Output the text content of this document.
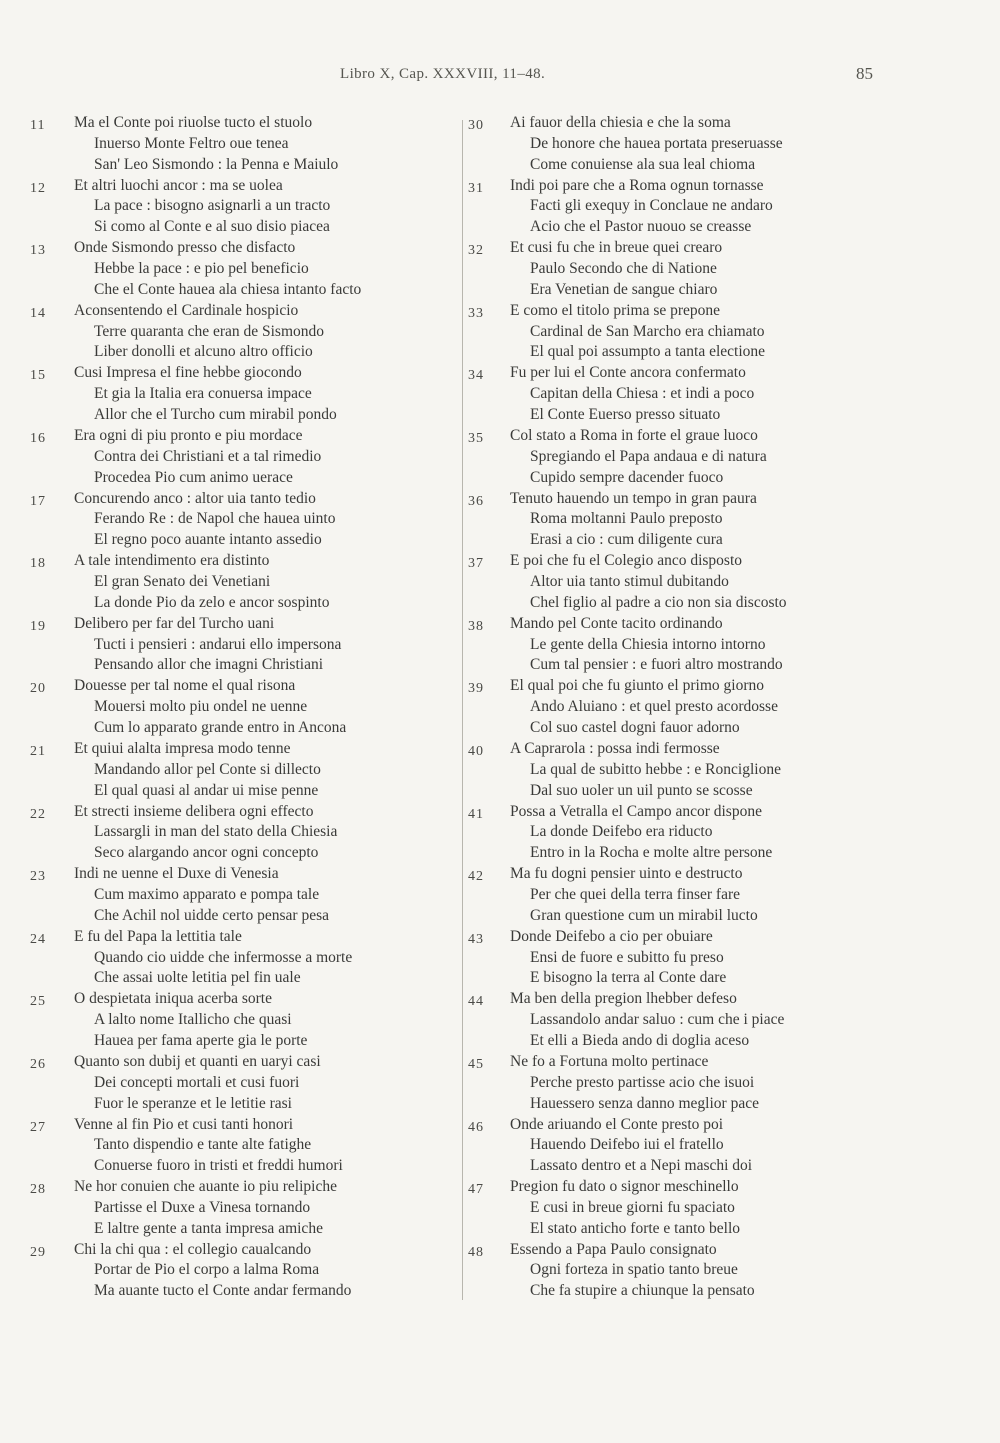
Libro X, Cap. XXXVIII, 11–48.	85
11	Ma el Conte poi riuolse tucto el stuolo
Inuerso Monte Feltro oue tenea
San' Leo Sismondo : la Penna e Maiulo
12	Et altri luochi ancor : ma se uolea
La pace : bisogno asignarli a un tracto
Si como al Conte e al suo disio piacea
13	Onde Sismondo presso che disfacto
Hebbe la pace : e pio pel beneficio
Che el Conte hauea ala chiesa intanto facto
14	Aconsentendo el Cardinale hospicio
Terre quaranta che eran de Sismondo
Liber donolli et alcuno altro officio
15	Cusi Impresa el fine hebbe giocondo
Et gia la Italia era conuersa impace
Allor che el Turcho cum mirabil pondo
16	Era ogni di piu pronto e piu mordace
Contra dei Christiani et a tal rimedio
Procedea Pio cum animo uerace
17	Concurendo anco : altor uia tanto tedio
Ferando Re : de Napol che hauea uinto
El regno poco auante intanto assedio
18	A tale intendimento era distinto
El gran Senato dei Venetiani
La donde Pio da zelo e ancor sospinto
19	Delibero per far del Turcho uani
Tucti i pensieri : andarui ello impersona
Pensando allor che imagni Christiani
20	Douesse per tal nome el qual risona
Mouersi molto piu ondel ne uenne
Cum lo apparato grande entro in Ancona
21	Et quiui alalta impresa modo tenne
Mandando allor pel Conte si dillecto
El qual quasi al andar ui mise penne
22	Et strecti insieme delibera ogni effecto
Lassargli in man del stato della Chiesia
Seco alargando ancor ogni concepto
23	Indi ne uenne el Duxe di Venesia
Cum maximo apparato e pompa tale
Che Achil nol uidde certo pensar pesa
24	E fu del Papa la lettitia tale
Quando cio uidde che infermosse a morte
Che assai uolte letitia pel fin uale
25	O despietata iniqua acerba sorte
A lalto nome Itallicho che quasi
Hauea per fama aperte gia le porte
26	Quanto son dubij et quanti en uaryi casi
Dei concepti mortali et cusi fuori
Fuor le speranze et le letitie rasi
27	Venne al fin Pio et cusi tanti honori
Tanto dispendio e tante alte fatighe
Conuerse fuoro in tristi et freddi humori
28	Ne hor conuien che auante io piu relipiche
Partisse el Duxe a Vinesa tornando
E laltre gente a tanta impresa amiche
29	Chi la chi qua : el collegio caualcando
Portar de Pio el corpo a lalma Roma
Ma auante tucto el Conte andar fermando
30	Ai fauor della chiesia e che la soma
De honore che hauea portata preseruasse
Come conuiense ala sua leal chioma
31	Indi poi pare che a Roma ognun tornasse
Facti gli exequy in Conclaue ne andaro
Acio che el Pastor nuouo se creasse
32	Et cusi fu che in breue quei crearo
Paulo Secondo che di Natione
Era Venetian de sangue chiaro
33	E como el titolo prima se prepone
Cardinal de San Marcho era chiamato
El qual poi assumpto a tanta electione
34	Fu per lui el Conte ancora confermato
Capitan della Chiesa : et indi a poco
El Conte Euerso presso situato
35	Col stato a Roma in forte el graue luoco
Spregiando el Papa andaua e di natura
Cupido sempre dacender fuoco
36	Tenuto hauendo un tempo in gran paura
Roma moltanni Paulo preposto
Erasi a cio : cum diligente cura
37	E poi che fu el Colegio anco disposto
Altor uia tanto stimul dubitando
Chel figlio al padre a cio non sia discosto
38	Mando pel Conte tacito ordinando
Le gente della Chiesia intorno intorno
Cum tal pensier : e fuori altro mostrando
39	El qual poi che fu giunto el primo giorno
Ando Aluiano : et quel presto acordosse
Col suo castel dogni fauor adorno
40	A Caprarola : possa indi fermosse
La qual de subitto hebbe : e Ronciglione
Dal suo uoler un uil punto se scosse
41	Possa a Vetralla el Campo ancor dispone
La donde Deifebo era riducto
Entro in la Rocha e molte altre persone
42	Ma fu dogni pensier uinto e destructo
Per che quei della terra finser fare
Gran questione cum un mirabil lucto
43	Donde Deifebo a cio per obuiare
Ensi de fuore e subitto fu preso
E bisogno la terra al Conte dare
44	Ma ben della pregion lhebber defeso
Lassandolo andar saluo : cum che i piace
Et elli a Bieda ando di doglia aceso
45	Ne fo a Fortuna molto pertinace
Perche presto partisse acio che isuoi
Hauessero senza danno meglior pace
46	Onde ariuando el Conte presto poi
Hauendo Deifebo iui el fratello
Lassato dentro et a Nepi maschi doi
47	Pregion fu dato o signor meschinello
E cusi in breue giorni fu spaciato
El stato anticho forte e tanto bello
48	Essendo a Papa Paulo consignato
Ogni forteza in spatio tanto breue
Che fa stupire a chiunque la pensato
